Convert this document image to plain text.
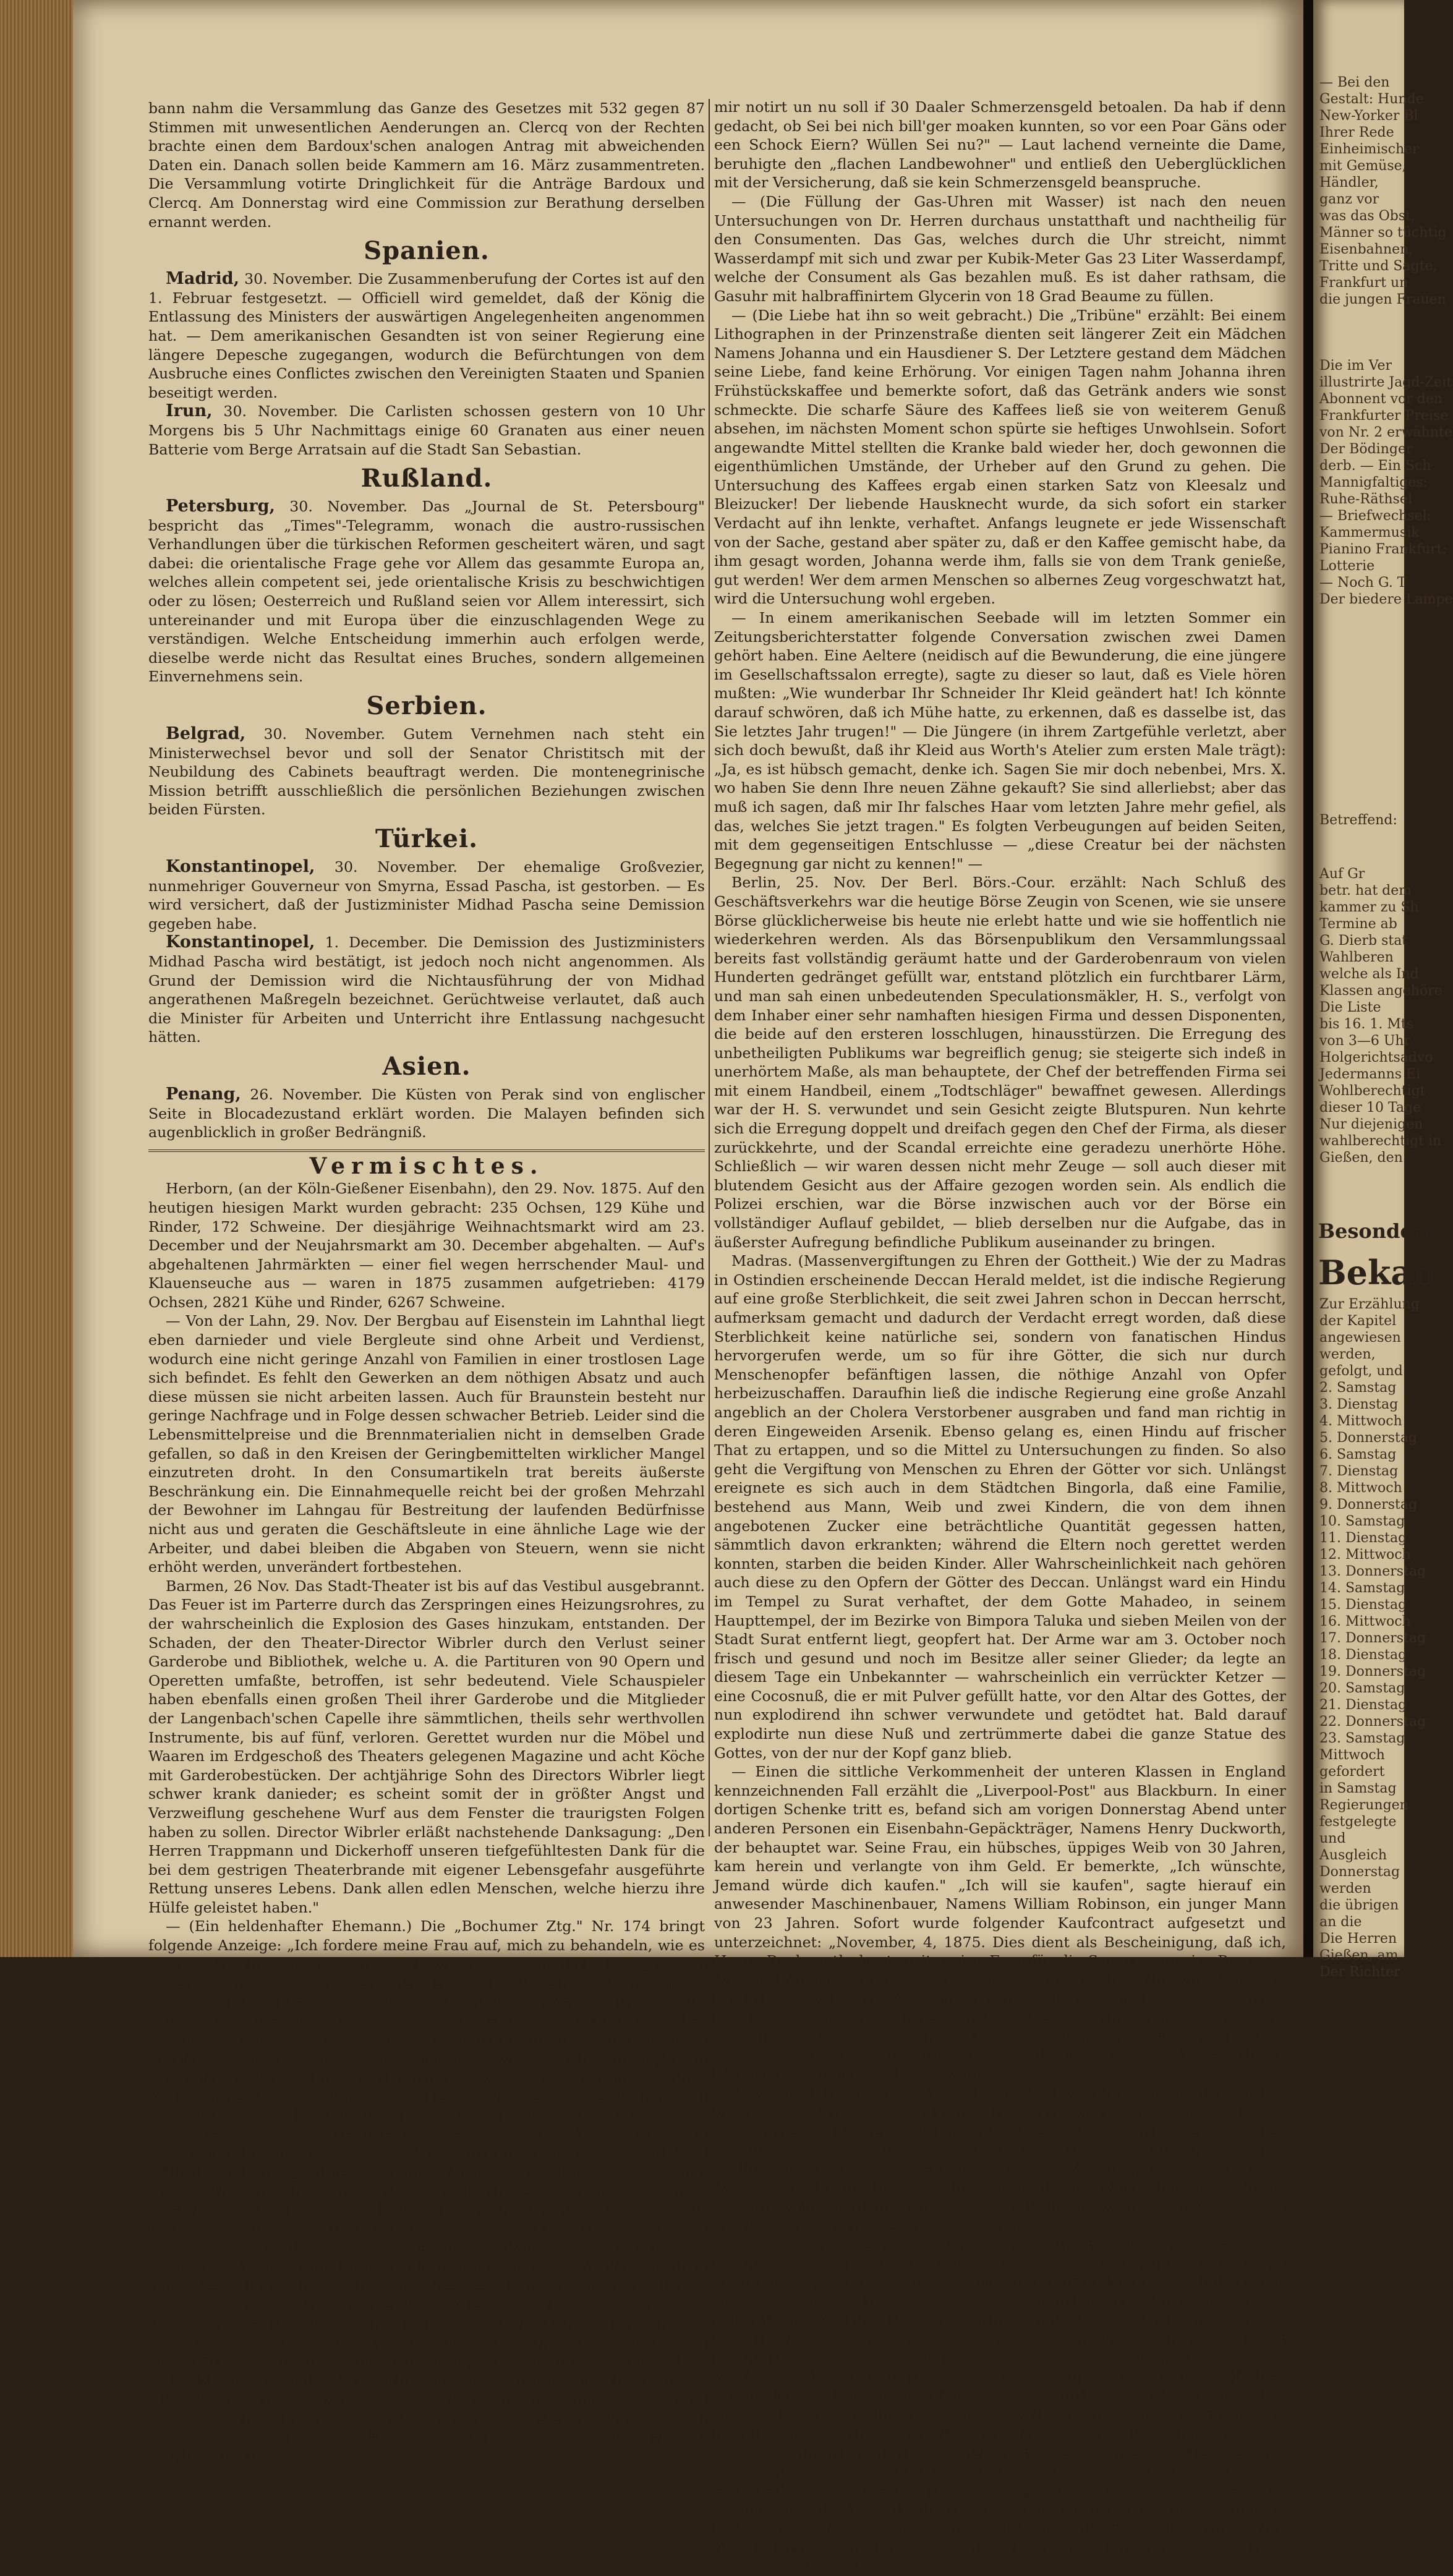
bann nahm die Versammlung das Ganze des Gesetzes mit 532 gegen 87 Stimmen mit unwesentlichen Aenderungen an. Clercq von der Rechten brachte einen dem Bardoux'schen analogen Antrag mit abweichenden Daten ein. Danach sollen beide Kammern am 16. März zusammentreten. Die Versammlung votirte Dringlichkeit für die Anträge Bardoux und Clercq. Am Donnerstag wird eine Commission zur Berathung derselben ernannt werden.

Spanien.

Madrid, 30. November. Die Zusammenberufung der Cortes ist auf den 1. Februar festgesetzt. — Officiell wird gemeldet, daß der König die Entlassung des Ministers der auswärtigen Angelegenheiten angenommen hat. — Dem amerikanischen Gesandten ist von seiner Regierung eine längere Depesche zugegangen, wodurch die Befürchtungen von dem Ausbruche eines Conflictes zwischen den Vereinigten Staaten und Spanien beseitigt werden.

Irun, 30. November. Die Carlisten schossen gestern von 10 Uhr Morgens bis 5 Uhr Nachmittags einige 60 Granaten aus einer neuen Batterie vom Berge Arratsain auf die Stadt San Sebastian.

Rußland.

Petersburg, 30. November. Das „Journal de St. Petersbourg" bespricht das „Times"-Telegramm, wonach die austro-russischen Verhandlungen über die türkischen Reformen gescheitert wären, und sagt dabei: die orientalische Frage gehe vor Allem das gesammte Europa an, welches allein competent sei, jede orientalische Krisis zu beschwichtigen oder zu lösen; Oesterreich und Rußland seien vor Allem interessirt, sich untereinander und mit Europa über die einzuschlagenden Wege zu verständigen. Welche Entscheidung immerhin auch erfolgen werde, dieselbe werde nicht das Resultat eines Bruches, sondern allgemeinen Einvernehmens sein.

Serbien.

Belgrad, 30. November. Gutem Vernehmen nach steht ein Ministerwechsel bevor und soll der Senator Christitsch mit der Neubildung des Cabinets beauftragt werden. Die montenegrinische Mission betrifft ausschließlich die persönlichen Beziehungen zwischen beiden Fürsten.

Türkei.

Konstantinopel, 30. November. Der ehemalige Großvezier, nunmehriger Gouverneur von Smyrna, Essad Pascha, ist gestorben. — Es wird versichert, daß der Justizminister Midhad Pascha seine Demission gegeben habe.

Konstantinopel, 1. December. Die Demission des Justizministers Midhad Pascha wird bestätigt, ist jedoch noch nicht angenommen. Als Grund der Demission wird die Nichtausführung der von Midhad angerathenen Maßregeln bezeichnet. Gerüchtweise verlautet, daß auch die Minister für Arbeiten und Unterricht ihre Entlassung nachgesucht hätten.

Asien.

Penang, 26. November. Die Küsten von Perak sind von englischer Seite in Blocadezustand erklärt worden. Die Malayen befinden sich augenblicklich in großer Bedrängniß.

Vermischtes.

Herborn, (an der Köln-Gießener Eisenbahn), den 29. Nov. 1875. Auf den heutigen hiesigen Markt wurden gebracht: 235 Ochsen, 129 Kühe und Rinder, 172 Schweine. Der diesjährige Weihnachtsmarkt wird am 23. December und der Neujahrsmarkt am 30. December abgehalten. — Auf's abgehaltenen Jahrmärkten — einer fiel wegen herrschender Maul- und Klauenseuche aus — waren in 1875 zusammen aufgetrieben: 4179 Ochsen, 2821 Kühe und Rinder, 6267 Schweine.

— Von der Lahn, 29. Nov. Der Bergbau auf Eisenstein im Lahnthal liegt eben darnieder und viele Bergleute sind ohne Arbeit und Verdienst, wodurch eine nicht geringe Anzahl von Familien in einer trostlosen Lage sich befindet. Es fehlt den Gewerken an dem nöthigen Absatz und auch diese müssen sie nicht arbeiten lassen. Auch für Braunstein besteht nur geringe Nachfrage und in Folge dessen schwacher Betrieb. Leider sind die Lebensmittelpreise und die Brennmaterialien nicht in demselben Grade gefallen, so daß in den Kreisen der Geringbemittelten wirklicher Mangel einzutreten droht. In den Consumartikeln trat bereits äußerste Beschränkung ein. Die Einnahmequelle reicht bei der großen Mehrzahl der Bewohner im Lahngau für Bestreitung der laufenden Bedürfnisse nicht aus und geraten die Geschäftsleute in eine ähnliche Lage wie der Arbeiter, und dabei bleiben die Abgaben von Steuern, wenn sie nicht erhöht werden, unverändert fortbestehen.

Barmen, 26 Nov. Das Stadt-Theater ist bis auf das Vestibul ausgebrannt. Das Feuer ist im Parterre durch das Zerspringen eines Heizungsrohres, zu der wahrscheinlich die Explosion des Gases hinzukam, entstanden. Der Schaden, der den Theater-Director Wibrler durch den Verlust seiner Garderobe und Bibliothek, welche u. A. die Partituren von 90 Opern und Operetten umfaßte, betroffen, ist sehr bedeutend. Viele Schauspieler haben ebenfalls einen großen Theil ihrer Garderobe und die Mitglieder der Langenbach'schen Capelle ihre sämmtlichen, theils sehr werthvollen Instrumente, bis auf fünf, verloren. Gerettet wurden nur die Möbel und Waaren im Erdgeschoß des Theaters gelegenen Magazine und acht Köche mit Garderobestücken. Der achtjährige Sohn des Directors Wibrler liegt schwer krank danieder; es scheint somit der in größter Angst und Verzweiflung geschehene Wurf aus dem Fenster die traurigsten Folgen haben zu sollen. Director Wibrler erläßt nachstehende Danksagung: „Den Herren Trappmann und Dickerhoff unseren tiefgefühltesten Dank für die bei dem gestrigen Theaterbrande mit eigener Lebensgefahr ausgeführte Rettung unseres Lebens. Dank allen edlen Menschen, welche hierzu ihre Hülfe geleistet haben."

— (Ein heldenhafter Ehemann.) Die „Bochumer Ztg." Nr. 174 bringt folgende Anzeige: „Ich fordere meine Frau auf, mich zu behandeln, wie es einem Menschen zukommt, oder ich werde sie gerichtlich belangen. Ich lasse mich nicht durchwichsen, oder der Kukuk soll sie holen. Carl Böß."

— Eine junge Französin, welche erst seit kurzer Zeit in Berlin weilt, hatte vor wenigen Tagen das Unglück, an der Ecke der Linden und der Charlottenstraße von einem vierschrötigen Kerl derartig angerannt zu werden, daß sie zu Boden stürzte, von dem schweren Fall besinnungslos in eines der nächsten Häuser getragen und von dort per Wagen in ihre Wohnung geschafft werden mußte. Hier erholte sie sich ziemlich schnell und saß hatte sie ihres Unfalls schon vergessen, als sie in einer über aus originellen Weise daran erinnert wurde. Bei ihr erschien nämlich ein Bauer, bäuerlich in des Wortes vollster Bedeutung, eine Gans in der Hand haltend. Die Dame glaubte, der Bauer sei mit einer bestellten Gans in eine falsche Thür gerathen und suchte aus ihm herauszubringen, wohin er eigentlich wolle. Doch der biedere Landmann fragte, ohne sich auf Weiteres einzulassen: „Wüllen Sei eine Gans?" — „Lieber Mann, Sie sind im Irrthum, ich habe keine Gans bestellt." — „Wüllen Sei twei Gäns?" — „Nein, ich kann davon keinen Gebrauch machen." — „Wüllen Sei drei Gäns?" — „Aber, ich sage Ihnen doch —" — „Denn wüllen Sei woll veer Gäns?" — „Nein, tausendmal nein!" — „Aber fief, fechs, feiwen Gäns!" — „Verstehen Sie mich denn nicht, ich habe nichts bestellt und kann nichts brauchen." — „Sei?" — Die Dame war der Verzweiflung nahe, ihr kamen die Thränen in die Augen. Noch einmal sagte sie in fantiestem Tone: „Aber lieber Mann, ich habe doch nichts bestellt; Sie müssen sich irren." — „Bestellt hebben Sei nix, dat is wohr, aber if irr mir of nich. Kennen Sei mir denn nich? If bin ja der, der Ihnen neulich umgeteinnen hät." — „Ach so? Aber was wollen Sie denn heut von mir?" — „Ja feihn der Sei, Schulmann hat

mir notirt un nu soll if 30 Daaler Schmerzensgeld betoalen. Da hab if denn gedacht, ob Sei bei nich bill'ger moaken kunnten, so vor een Poar Gäns oder een Schock Eiern? Wüllen Sei nu?" — Laut lachend verneinte die Dame, beruhigte den „flachen Landbewohner" und entließ den Ueberglücklichen mit der Versicherung, daß sie kein Schmerzensgeld beanspruche.

— (Die Füllung der Gas-Uhren mit Wasser) ist nach den neuen Untersuchungen von Dr. Herren durchaus unstatthaft und nachtheilig für den Consumenten. Das Gas, welches durch die Uhr streicht, nimmt Wasserdampf mit sich und zwar per Kubik-Meter Gas 23 Liter Wasserdampf, welche der Consument als Gas bezahlen muß. Es ist daher rathsam, die Gasuhr mit halbraffinirtem Glycerin von 18 Grad Beaume zu füllen.

— (Die Liebe hat ihn so weit gebracht.) Die „Tribüne" erzählt: Bei einem Lithographen in der Prinzenstraße dienten seit längerer Zeit ein Mädchen Namens Johanna und ein Hausdiener S. Der Letztere gestand dem Mädchen seine Liebe, fand keine Erhörung. Vor einigen Tagen nahm Johanna ihren Frühstückskaffee und bemerkte sofort, daß das Getränk anders wie sonst schmeckte. Die scharfe Säure des Kaffees ließ sie von weiterem Genuß absehen, im nächsten Moment schon spürte sie heftiges Unwohlsein. Sofort angewandte Mittel stellten die Kranke bald wieder her, doch gewonnen die eigenthümlichen Umstände, der Urheber auf den Grund zu gehen. Die Untersuchung des Kaffees ergab einen starken Satz von Kleesalz und Bleizucker! Der liebende Hausknecht wurde, da sich sofort ein starker Verdacht auf ihn lenkte, verhaftet. Anfangs leugnete er jede Wissenschaft von der Sache, gestand aber später zu, daß er den Kaffee gemischt habe, da ihm gesagt worden, Johanna werde ihm, falls sie von dem Trank genieße, gut werden! Wer dem armen Menschen so albernes Zeug vorgeschwatzt hat, wird die Untersuchung wohl ergeben.

— In einem amerikanischen Seebade will im letzten Sommer ein Zeitungsberichterstatter folgende Conversation zwischen zwei Damen gehört haben. Eine Aeltere (neidisch auf die Bewunderung, die eine jüngere im Gesellschaftssalon erregte), sagte zu dieser so laut, daß es Viele hören mußten: „Wie wunderbar Ihr Schneider Ihr Kleid geändert hat! Ich könnte darauf schwören, daß ich Mühe hatte, zu erkennen, daß es dasselbe ist, das Sie letztes Jahr trugen!" — Die Jüngere (in ihrem Zartgefühle verletzt, aber sich doch bewußt, daß ihr Kleid aus Worth's Atelier zum ersten Male trägt): „Ja, es ist hübsch gemacht, denke ich. Sagen Sie mir doch nebenbei, Mrs. X. wo haben Sie denn Ihre neuen Zähne gekauft? Sie sind allerliebst; aber das muß ich sagen, daß mir Ihr falsches Haar vom letzten Jahre mehr gefiel, als das, welches Sie jetzt tragen." Es folgten Verbeugungen auf beiden Seiten, mit dem gegenseitigen Entschlusse — „diese Creatur bei der nächsten Begegnung gar nicht zu kennen!" —

Berlin, 25. Nov. Der Berl. Börs.-Cour. erzählt: Nach Schluß des Geschäftsverkehrs war die heutige Börse Zeugin von Scenen, wie sie unsere Börse glücklicherweise bis heute nie erlebt hatte und wie sie hoffentlich nie wiederkehren werden. Als das Börsenpublikum den Versammlungssaal bereits fast vollständig geräumt hatte und der Garderobenraum von vielen Hunderten gedränget gefüllt war, entstand plötzlich ein furchtbarer Lärm, und man sah einen unbedeutenden Speculationsmäkler, H. S., verfolgt von dem Inhaber einer sehr namhaften hiesigen Firma und dessen Disponenten, die beide auf den ersteren losschlugen, hinausstürzen. Die Erregung des unbetheiligten Publikums war begreiflich genug; sie steigerte sich indeß in unerhörtem Maße, als man behauptete, der Chef der betreffenden Firma sei mit einem Handbeil, einem „Todtschläger" bewaffnet gewesen. Allerdings war der H. S. verwundet und sein Gesicht zeigte Blutspuren. Nun kehrte sich die Erregung doppelt und dreifach gegen den Chef der Firma, als dieser zurückkehrte, und der Scandal erreichte eine geradezu unerhörte Höhe. Schließlich — wir waren dessen nicht mehr Zeuge — soll auch dieser mit blutendem Gesicht aus der Affaire gezogen worden sein. Als endlich die Polizei erschien, war die Börse inzwischen auch vor der Börse ein vollständiger Auflauf gebildet, — blieb derselben nur die Aufgabe, das in äußerster Aufregung befindliche Publikum auseinander zu bringen.

Madras. (Massenvergiftungen zu Ehren der Gottheit.) Wie der zu Madras in Ostindien erscheinende Deccan Herald meldet, ist die indische Regierung auf eine große Sterblichkeit, die seit zwei Jahren schon in Deccan herrscht, aufmerksam gemacht und dadurch der Verdacht erregt worden, daß diese Sterblichkeit keine natürliche sei, sondern von fanatischen Hindus hervorgerufen werde, um so für ihre Götter, die sich nur durch Menschenopfer befänftigen lassen, die nöthige Anzahl von Opfer herbeizuschaffen. Daraufhin ließ die indische Regierung eine große Anzahl angeblich an der Cholera Verstorbener ausgraben und fand man richtig in deren Eingeweiden Arsenik. Ebenso gelang es, einen Hindu auf frischer That zu ertappen, und so die Mittel zu Untersuchungen zu finden. So also geht die Vergiftung von Menschen zu Ehren der Götter vor sich. Unlängst ereignete es sich auch in dem Städtchen Bingorla, daß eine Familie, bestehend aus Mann, Weib und zwei Kindern, die von dem ihnen angebotenen Zucker eine beträchtliche Quantität gegessen hatten, sämmtlich davon erkrankten; während die Eltern noch gerettet werden konnten, starben die beiden Kinder. Aller Wahrscheinlichkeit nach gehören auch diese zu den Opfern der Götter des Deccan. Unlängst ward ein Hindu im Tempel zu Surat verhaftet, der dem Gotte Mahadeo, in seinem Haupttempel, der im Bezirke von Bimpora Taluka und sieben Meilen von der Stadt Surat entfernt liegt, geopfert hat. Der Arme war am 3. October noch frisch und gesund und noch im Besitze aller seiner Glieder; da legte an diesem Tage ein Unbekannter — wahrscheinlich ein verrückter Ketzer — eine Cocosnuß, die er mit Pulver gefüllt hatte, vor den Altar des Gottes, der nun explodirend ihn schwer verwundete und getödtet hat. Bald darauf explodirte nun diese Nuß und zertrümmerte dabei die ganze Statue des Gottes, von der nur der Kopf ganz blieb.

— Einen die sittliche Verkommenheit der unteren Klassen in England kennzeichnenden Fall erzählt die „Liverpool-Post" aus Blackburn. In einer dortigen Schenke tritt es, befand sich am vorigen Donnerstag Abend unter anderen Personen ein Eisenbahn-Gepäckträger, Namens Henry Duckworth, der behauptet war. Seine Frau, ein hübsches, üppiges Weib von 30 Jahren, kam herein und verlangte von ihm Geld. Er bemerkte, „Ich wünschte, Jemand würde dich kaufen." „Ich will sie kaufen", sagte hierauf ein anwesender Maschinenbauer, Namens William Robinson, ein junger Mann von 23 Jahren. Sofort wurde folgender Kaufcontract aufgesetzt und unterzeichnet: „November, 4, 1875. Dies dient als Bescheinigung, daß ich, Henry Duckworth, heute mit meine Frau für die Summe von vier Pence an William Robinson verkaufe." Der Käufer der Frau bestellte zur Feier des Ereignisses zwei Quart Ale. Später gingen Robinson und die Frau zusammen nach Hause und am folgenden Sonnabend Nachmittag trafen sie in derselben Schenke wieder mit Duckworth zusammen, welcher bemerkte, daß er mit dem Verkauf zufrieden sei, während die Frau erklärte, daß sie Robinson nicht mehr verlassen wolle.

New-York. (Louise trinkt Wasser!) Der Besitzer eines Kramladens in den Vereinigten Staaten, dessen Frau sich dem Trunke ergeben hatte, verfiel auf das originelle Mittel, einen Papagei abrichten zu lassen und in seinem Laden aufzuhängen. Jedesmal, wenn die Frau wieder heimlich Einen genehmigen wollte, ertönte mit schnarrender Stimme der Warnungsruf: „Louise trinkt Wasser!" Die Frau, Anfangs sehr erzürnt über den Vogel, hat sich allmälig daran gewöhnt und soll nun, Dank der Hülfe des warnenden Zurufes, der gefährlichen Leidenschaft ganz entsagen.

— Aus Bayern, 25. Nov. Vor dem Stadtpfarrer in Passau legte ein Brautpaar das sog. Verspruch ab, und es wurde das Trauungs-Amt und der Trauungs-Tag bestimmt. Am Trauungs-Tage ertönte bereits auch die Orgel, als die Kunde erscholl, „das Trauungs-Amt findet nicht statt, die Trauung unterbleibt." Die Braut hatte gebeichtet und erklärt, daß sie nicht an das Unfehlbarkeits-Dogma glaube, wurde also nicht absolvirt und der Bräutigam, der dieselbe Erklärung abgab, wurde gar nicht mehr zur Beichte zugelassen. Der Bräutigam wendete sich nun an den altkatholischen Geistlichen und erhielt von demselben die Aufklärung, daß, wenn er den altkatholischen Geistlichen verfahren wolle, er auch in den Besitz des betreffenden Scheins hätte kommen können. Die Braut hat nun, wie verlautet, ihren Bräutigam mit dem Verlangen, ihm ein solches Zeugniß auszustellen, von dem Pfarrer trat, bekannt sich dieser einige Zeit und erklärte dann: „Ihm sei es ganz gleich, was der Bräutigam und seine Braut glauben; er überlasse das ihrem Gewissen, übrigens traue er sie, und es koste auch nichts." Und also geschah es, die Braut brauchte keine Absolution, der Bräutigam brauchte nicht zu beichten, sie wurden getraut, und es kostete nichts.

— Bei den
Gestalt: Hunde
New-Yorker Bl
Ihrer Rede
Einheimischer
mit Gemüse,
Händler,
ganz vor
was das Obst,
Männer so tüchtig
Eisenbahnen,
Tritte und Sagte,
Frankfurt un
die jungen Frauen
Die im Ver
illustrirte Jagd-Zeit
Abonnent vor den
Frankfurter Preise
von Nr. 2 erwähnte
Der Bödinger
derb. — Ein Sch
Mannigfaltiges:
Ruhe-Räthsel
— Briefwechsel:
Kammermusik
Pianino Frankfurt:
Lotterie
— Noch G. T
Der biedere Lampe
Betreffend:
Auf Gr
betr. hat dem
kammer zu Sh
Termine ab
G. Dierb stat
Wahlberen
welche als Ind
Klassen angehöre
Die Liste
bis 16. 1. Mts
von 3—6 Uhr
Holgerichtsadvo
Jedermanns Ei
Wohlberechtigt
dieser 10 Tage
Nur diejenigen
wahlberechtigt in
Gießen, den
Besondere
Bekan
Zur Erzählung
der Kapitel
angewiesen
werden,
gefolgt, und
2. Samstag
3. Dienstag
4. Mittwoch
5. Donnerstag
6. Samstag
7. Dienstag
8. Mittwoch
9. Donnerstag
10. Samstag
11. Dienstag
12. Mittwoch
13. Donnerstag
14. Samstag
15. Dienstag
16. Mittwoch
17. Donnerstag
18. Dienstag
19. Donnerstag
20. Samstag
21. Dienstag
22. Donnerstag
23. Samstag
Mittwoch
gefordert
in Samstag
Regierungen
festgelegte
und
Ausgleich
Donnerstag
werden
die übrigen
an die
Die Herren
Gießen, am
Der Richter
